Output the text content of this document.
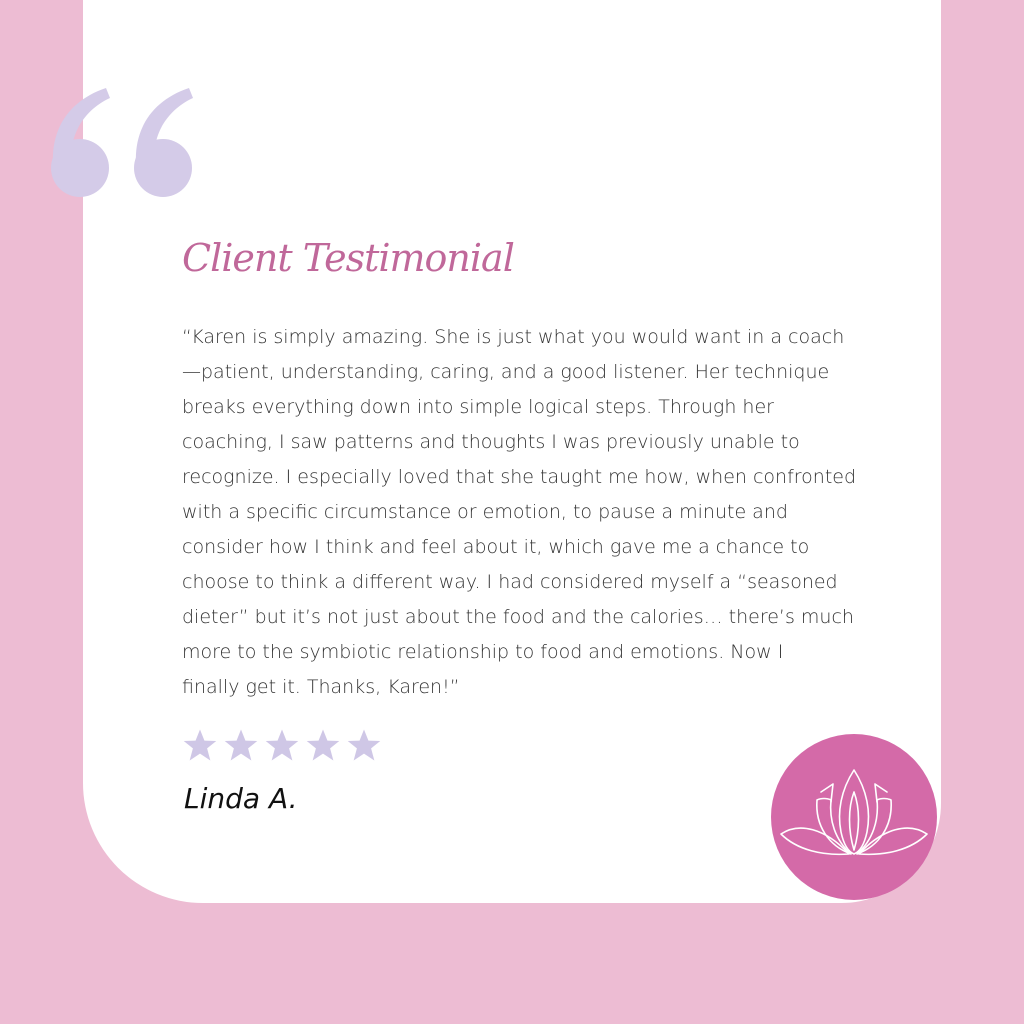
Client Testimonial

“Karen is simply amazing. She is just what you would want in a coach
—patient, understanding, caring, and a good listener. Her technique
breaks everything down into simple logical steps. Through her
coaching, I saw patterns and thoughts I was previously unable to
recognize. I especially loved that she taught me how, when confronted
with a specific circumstance or emotion, to pause a minute and
consider how I think and feel about it, which gave me a chance to
choose to think a different way. I had considered myself a “seasoned
dieter” but it’s not just about the food and the calories… there’s much
more to the symbiotic relationship to food and emotions. Now I
finally get it. Thanks, Karen!”

Linda A.
